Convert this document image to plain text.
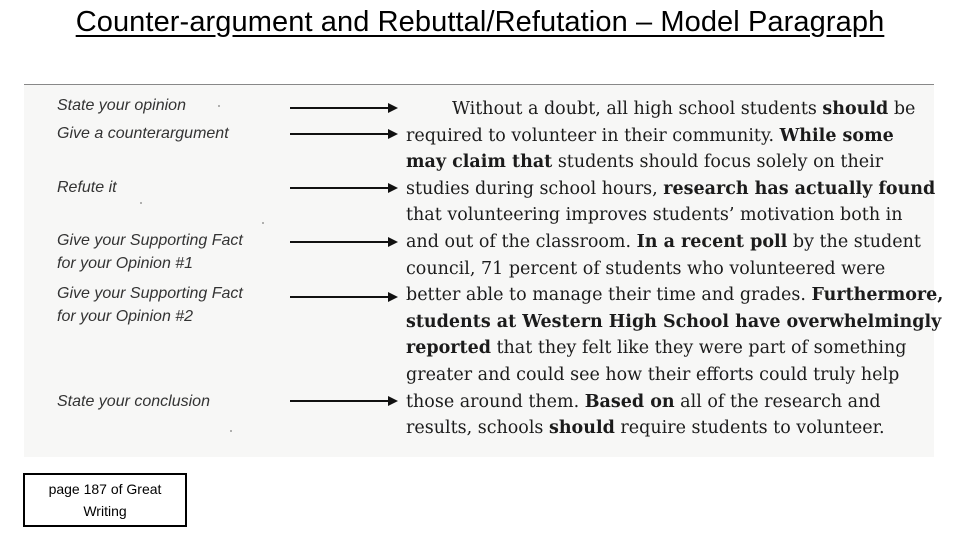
Counter-argument and Rebuttal/Refutation – Model Paragraph
State your opinion
Give a counterargument
Refute it
Give your Supporting Fact
for your Opinion #1
Give your Supporting Fact
for your Opinion #2
State your conclusion
Without a doubt, all high school students should be
required to volunteer in their community. While some
may claim that students should focus solely on their
studies during school hours, research has actually found
that volunteering improves students’ motivation both in
and out of the classroom. In a recent poll by the student
council, 71 percent of students who volunteered were
better able to manage their time and grades. Furthermore,
students at Western High School have overwhelmingly
reported that they felt like they were part of something
greater and could see how their efforts could truly help
those around them. Based on all of the research and
results, schools should require students to volunteer.
page 187 of Great Writing
